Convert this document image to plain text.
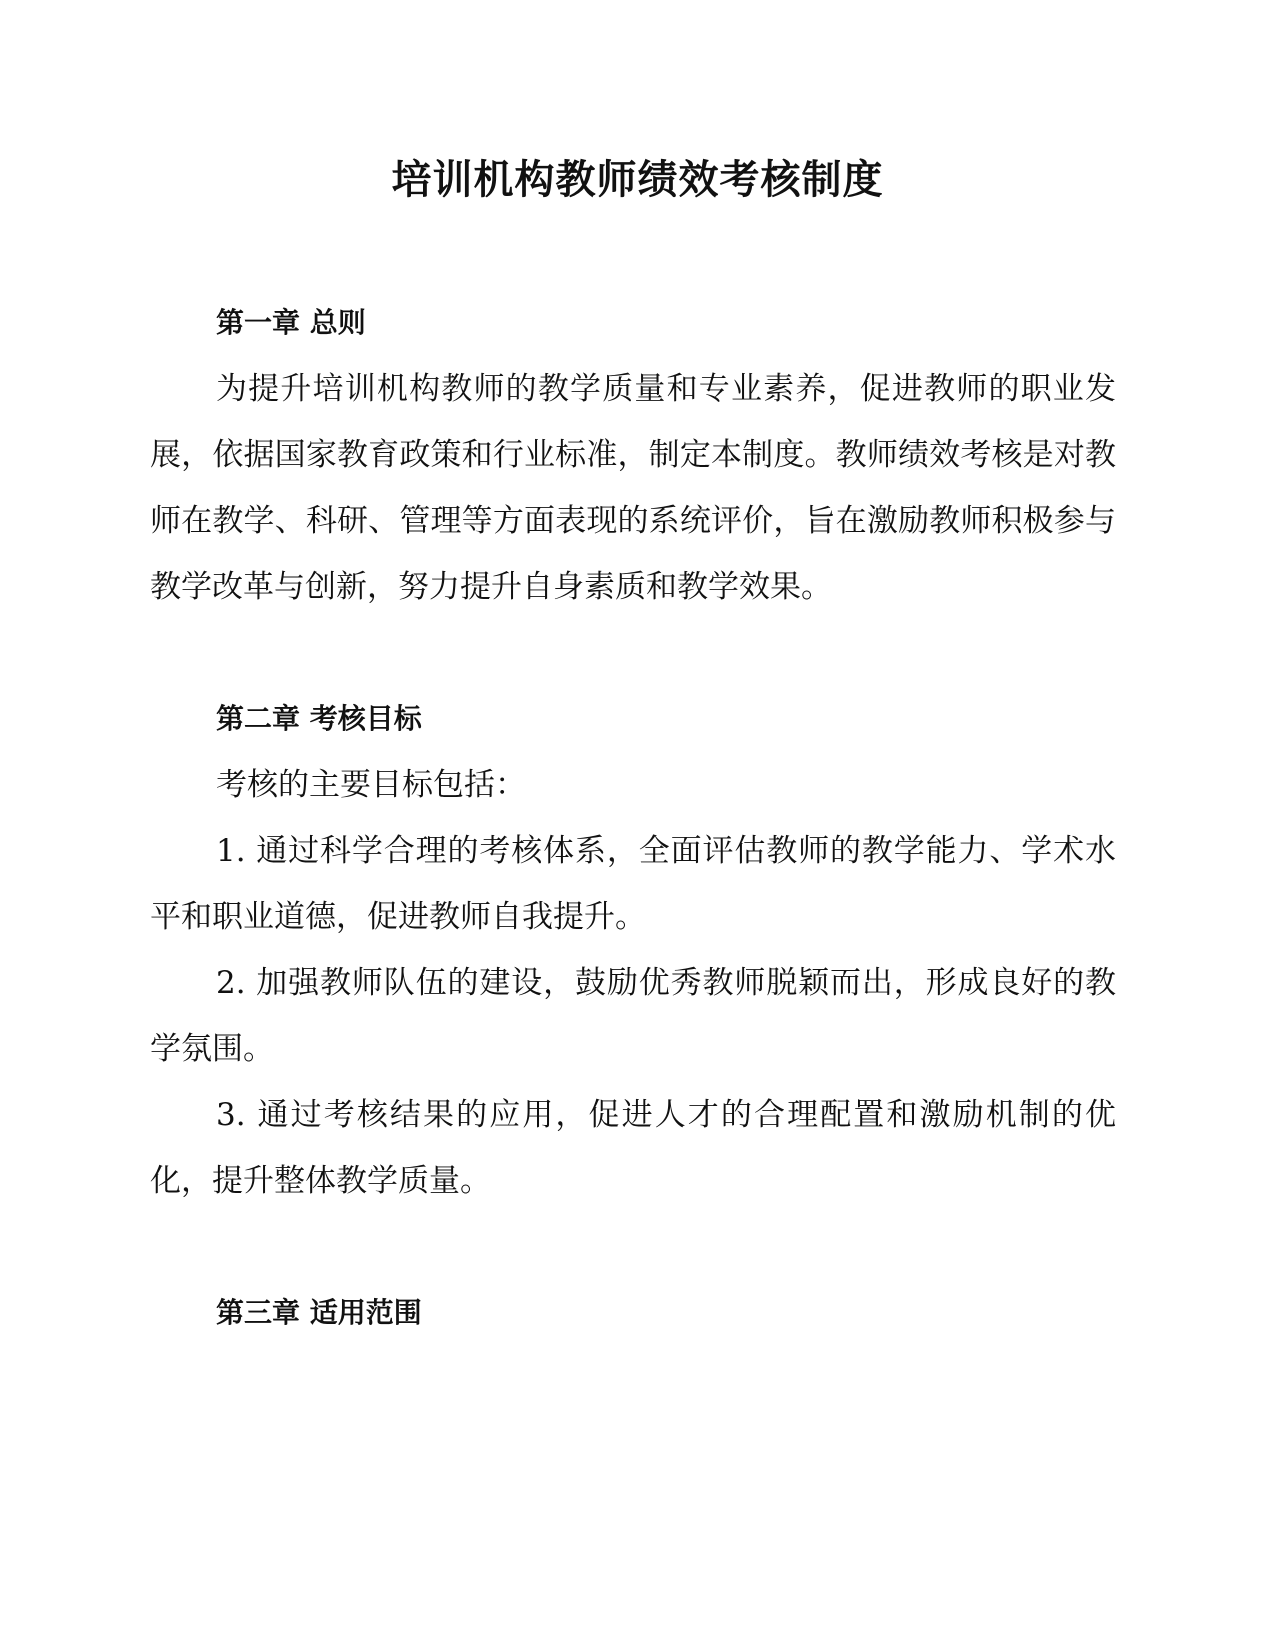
培训机构教师绩效考核制度
第一章 总则

为提升培训机构教师的教学质量和专业素养，促进教师的职业发展，依据国家教育政策和行业标准，制定本制度。教师绩效考核是对教师在教学、科研、管理等方面表现的系统评价，旨在激励教师积极参与教学改革与创新，努力提升自身素质和教学效果。

第二章 考核目标

考核的主要目标包括：

1. 通过科学合理的考核体系，全面评估教师的教学能力、学术水平和职业道德，促进教师自我提升。

2. 加强教师队伍的建设，鼓励优秀教师脱颖而出，形成良好的教学氛围。

3. 通过考核结果的应用，促进人才的合理配置和激励机制的优化，提升整体教学质量。

第三章 适用范围
